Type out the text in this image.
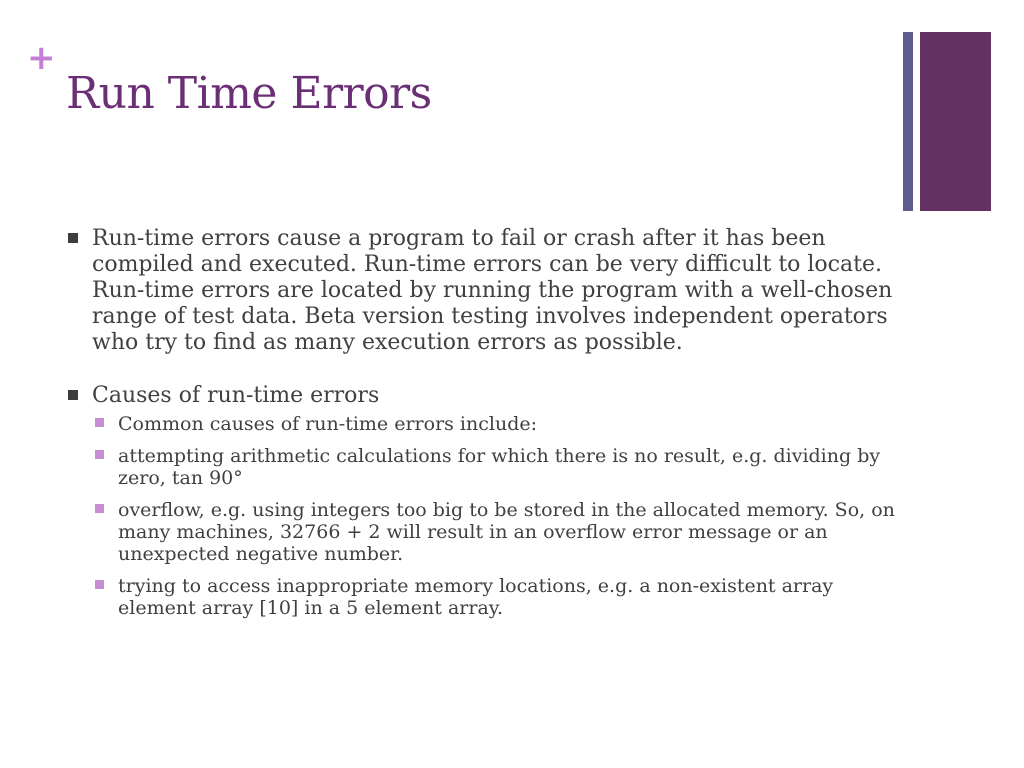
+
Run Time Errors
Run-time errors cause a program to fail or crash after it has been compiled and executed. Run-time errors can be very difficult to locate. Run-time errors are located by running the program with a well-chosen range of test data. Beta version testing involves independent operators who try to find as many execution errors as possible.
Causes of run-time errors
Common causes of run-time errors include:
attempting arithmetic calculations for which there is no result, e.g. dividing by zero, tan 90°
overflow, e.g. using integers too big to be stored in the allocated memory. So, on many machines, 32766 + 2 will result in an overflow error message or an unexpected negative number.
trying to access inappropriate memory locations, e.g. a non-existent array element array [10] in a 5 element array.
